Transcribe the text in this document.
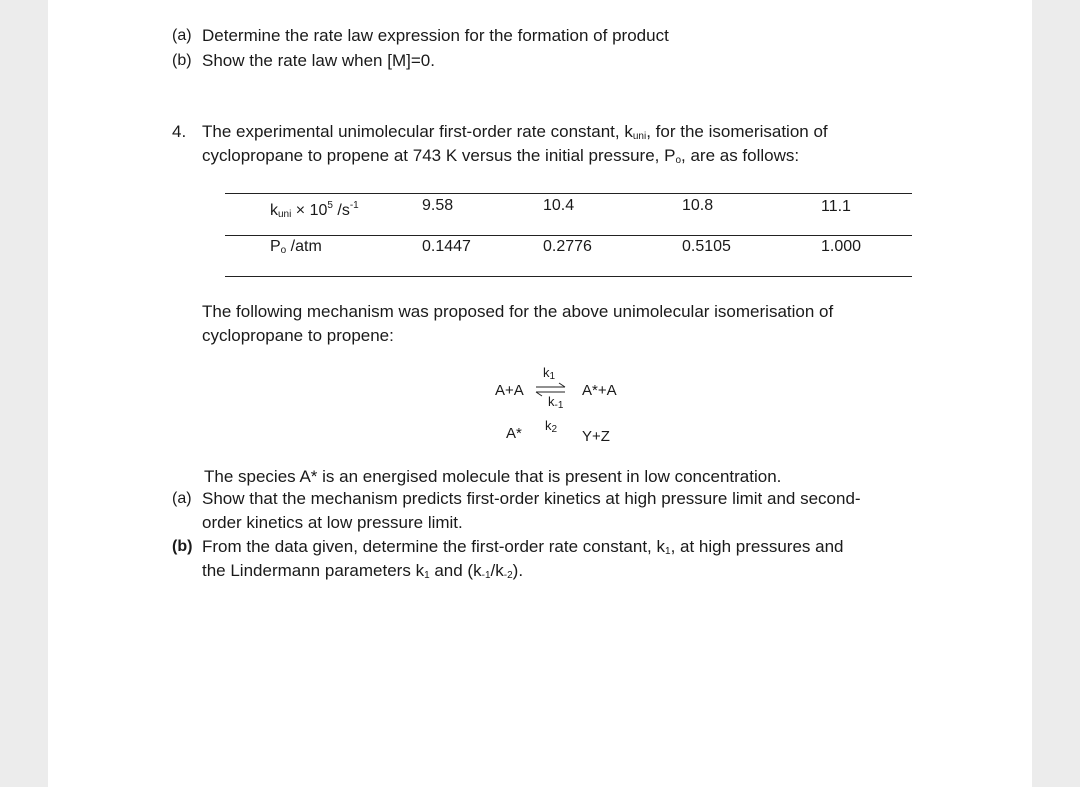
(a) Determine the rate law expression for the formation of product
(b) Show the rate law when [M]=0.
4. The experimental unimolecular first-order rate constant, $k_{uni}$, for the isomerisation of
cyclopropane to propene at 743 K versus the initial pressure, $P_o$, are as follows:
$k_{uni} \times 10^5$ $/s^{-1}$	9.58	10.4	10.8	11.1
$P_o$ /atm	0.1447	0.2776	0.5105	1.000
The following mechanism was proposed for the above unimolecular isomerisation of
cyclopropane to propene:
A+A
$k_1$
$k_{-1}$
A*+A
A* $k_2$ Y+Z
The species A* is an energised molecule that is present in low concentration.
(a) Show that the mechanism predicts first-order kinetics at high pressure limit and second-
order kinetics at low pressure limit.
(b) From the data given, determine the first-order rate constant, $k_1$, at high pressures and
the Lindermann parameters $k_1$ and $(k_{-1}/k_{-2})$.
